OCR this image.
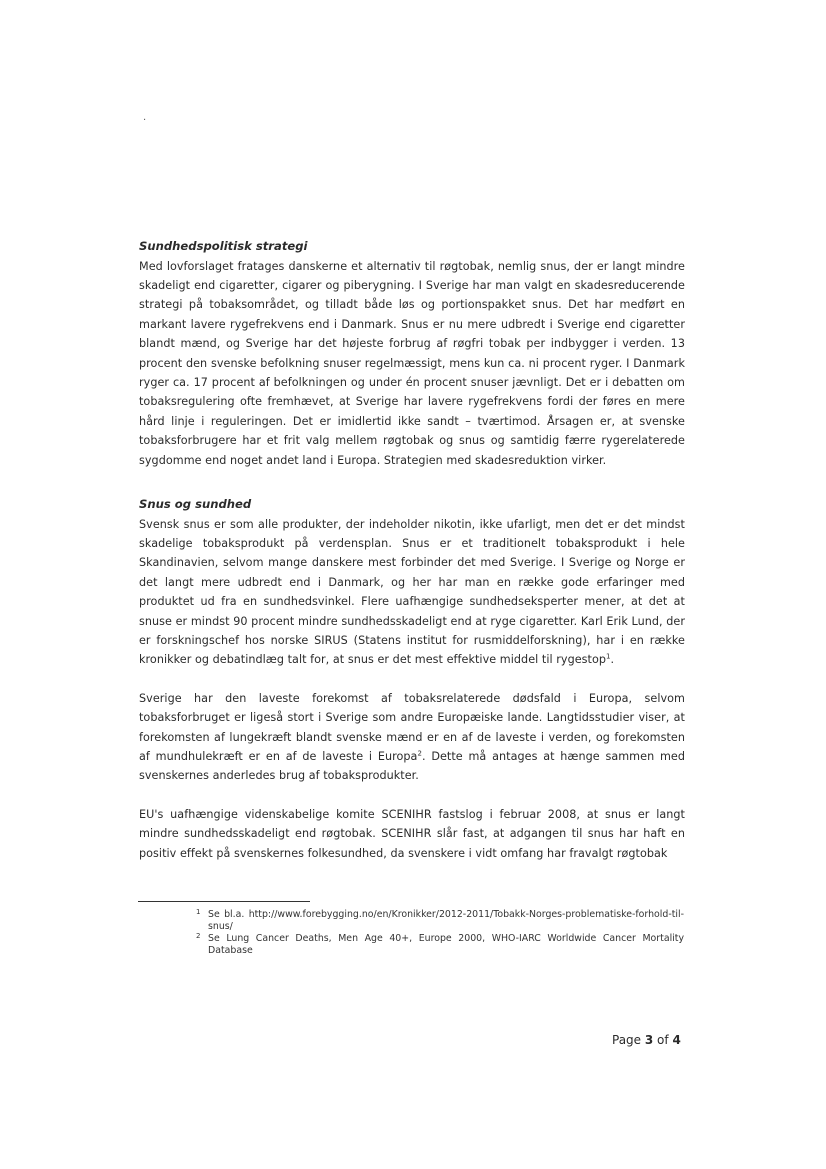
.

Sundhedspolitisk strategi

Med lovforslaget fratages danskerne et alternativ til røgtobak, nemlig snus, der er langt mindre skadeligt end cigaretter, cigarer og piberygning. I Sverige har man valgt en skadesreducerende strategi på tobaksområdet, og tilladt både løs og portionspakket snus. Det har medført en markant lavere rygefrekvens end i Danmark. Snus er nu mere udbredt i Sverige end cigaretter blandt mænd, og Sverige har det højeste forbrug af røgfri tobak per indbygger i verden. 13 procent den svenske befolkning snuser regelmæssigt, mens kun ca. ni procent ryger. I Danmark ryger ca. 17 procent af befolkningen og under én procent snuser jævnligt. Det er i debatten om tobaksregulering ofte fremhævet, at Sverige har lavere rygefrekvens fordi der føres en mere hård linje i reguleringen. Det er imidlertid ikke sandt – tværtimod. Årsagen er, at svenske tobaksforbrugere har et frit valg mellem røgtobak og snus og samtidig færre rygerelaterede sygdomme end noget andet land i Europa. Strategien med skadesreduktion virker.

Snus og sundhed

Svensk snus er som alle produkter, der indeholder nikotin, ikke ufarligt, men det er det mindst skadelige tobaksprodukt på verdensplan. Snus er et traditionelt tobaksprodukt i hele Skandinavien, selvom mange danskere mest forbinder det med Sverige. I Sverige og Norge er det langt mere udbredt end i Danmark, og her har man en række gode erfaringer med produktet ud fra en sundhedsvinkel. Flere uafhængige sundhedseksperter mener, at det at snuse er mindst 90 procent mindre sundhedsskadeligt end at ryge cigaretter. Karl Erik Lund, der er forskningschef hos norske SIRUS (Statens institut for rusmiddelforskning), har i en række kronikker og debatindlæg talt for, at snus er det mest effektive middel til rygestop$^1$.

Sverige har den laveste forekomst af tobaksrelaterede dødsfald i Europa, selvom tobaksforbruget er ligeså stort i Sverige som andre Europæiske lande. Langtidsstudier viser, at forekomsten af lungekræft blandt svenske mænd er en af de laveste i verden, og forekomsten af mundhulekræft er en af de laveste i Europa$^2$. Dette må antages at hænge sammen med svenskernes anderledes brug af tobaksprodukter.

EU's uafhængige videnskabelige komite SCENIHR fastslog i februar 2008, at snus er langt mindre sundhedsskadeligt end røgtobak. SCENIHR slår fast, at adgangen til snus har haft en positiv effekt på svenskernes folkesundhed, da svenskere i vidt omfang har fravalgt røgtobak

1 Se bl.a. http://www.forebygging.no/en/Kronikker/2012-2011/Tobakk-Norges-problematiske-forhold-til-snus/
2 Se Lung Cancer Deaths, Men Age 40+, Europe 2000, WHO-IARC Worldwide Cancer Mortality Database
Page 3 of 4
